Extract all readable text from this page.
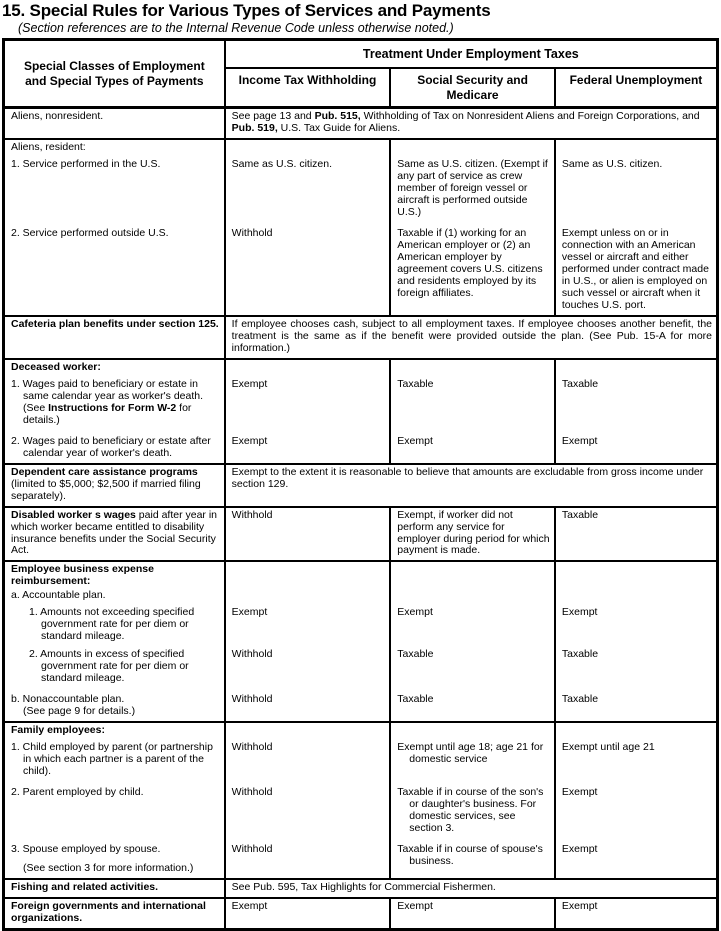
15. Special Rules for Various Types of Services and Payments
(Section references are to the Internal Revenue Code unless otherwise noted.)
Special Classes of Employment and Special Types of Payments	Treatment Under Employment Taxes		
	Income Tax Withholding	Social Security and Medicare	Federal Unemployment

Aliens, nonresident.	See page 13 and Pub. 515, Withholding of Tax on Nonresident Aliens and Foreign Corporations, and Pub. 519, U.S. Tax Guide for Aliens.		

Aliens, resident:			

1. Service performed in the U.S.	Same as U.S. citizen.	Same as U.S. citizen. (Exempt if any part of service as crew member of foreign vessel or aircraft is performed outside U.S.)	Same as U.S. citizen.

2. Service performed outside U.S.	Withhold	Taxable if (1) working for an American employer or (2) an American employer by agreement covers U.S. citizens and residents employed by its foreign affiliates.	Exempt unless on or in connection with an American vessel or aircraft and either performed under contract made in U.S., or alien is employed on such vessel or aircraft when it touches U.S. port.

Cafeteria plan benefits under section 125.	If employee chooses cash, subject to all employment taxes. If employee chooses another benefit, the treatment is the same as if the benefit were provided outside the plan. (See Pub. 15-A for more information.)		

Deceased worker:			

1. Wages paid to beneficiary or estate in same calendar year as worker's death. (See Instructions for Form W-2 for details.)	Exempt	Taxable	Taxable

2. Wages paid to beneficiary or estate after calendar year of worker's death.	Exempt	Exempt	Exempt

Dependent care assistance programs (limited to $5,000; $2,500 if married filing separately).	Exempt to the extent it is reasonable to believe that amounts are excludable from gross income under section 129.		

Disabled worker s wages paid after year in which worker became entitled to disability insurance benefits under the Social Security Act.	Withhold	Exempt, if worker did not perform any service for employer during period for which payment is made.	Taxable

Employee business expense reimbursement:
a. Accountable plan.			

1. Amounts not exceeding specified government rate for per diem or standard mileage.	Exempt	Exempt	Exempt

2. Amounts in excess of specified government rate for per diem or standard mileage.	Withhold	Taxable	Taxable

b. Nonaccountable plan.
(See page 9 for details.)	Withhold	Taxable	Taxable

Family employees:			

1. Child employed by parent (or partnership in which each partner is a parent of the child).	Withhold	Exempt until age 18; age 21 for domestic service	Exempt until age 21

2. Parent employed by child.	Withhold	Taxable if in course of the son's or daughter's business. For domestic services, see section 3.	Exempt

3. Spouse employed by spouse.
(See section 3 for more information.)	Withhold	Taxable if in course of spouse's business.	Exempt

Fishing and related activities.	See Pub. 595, Tax Highlights for Commercial Fishermen.		

Foreign governments and international organizations.	Exempt	Exempt	Exempt
